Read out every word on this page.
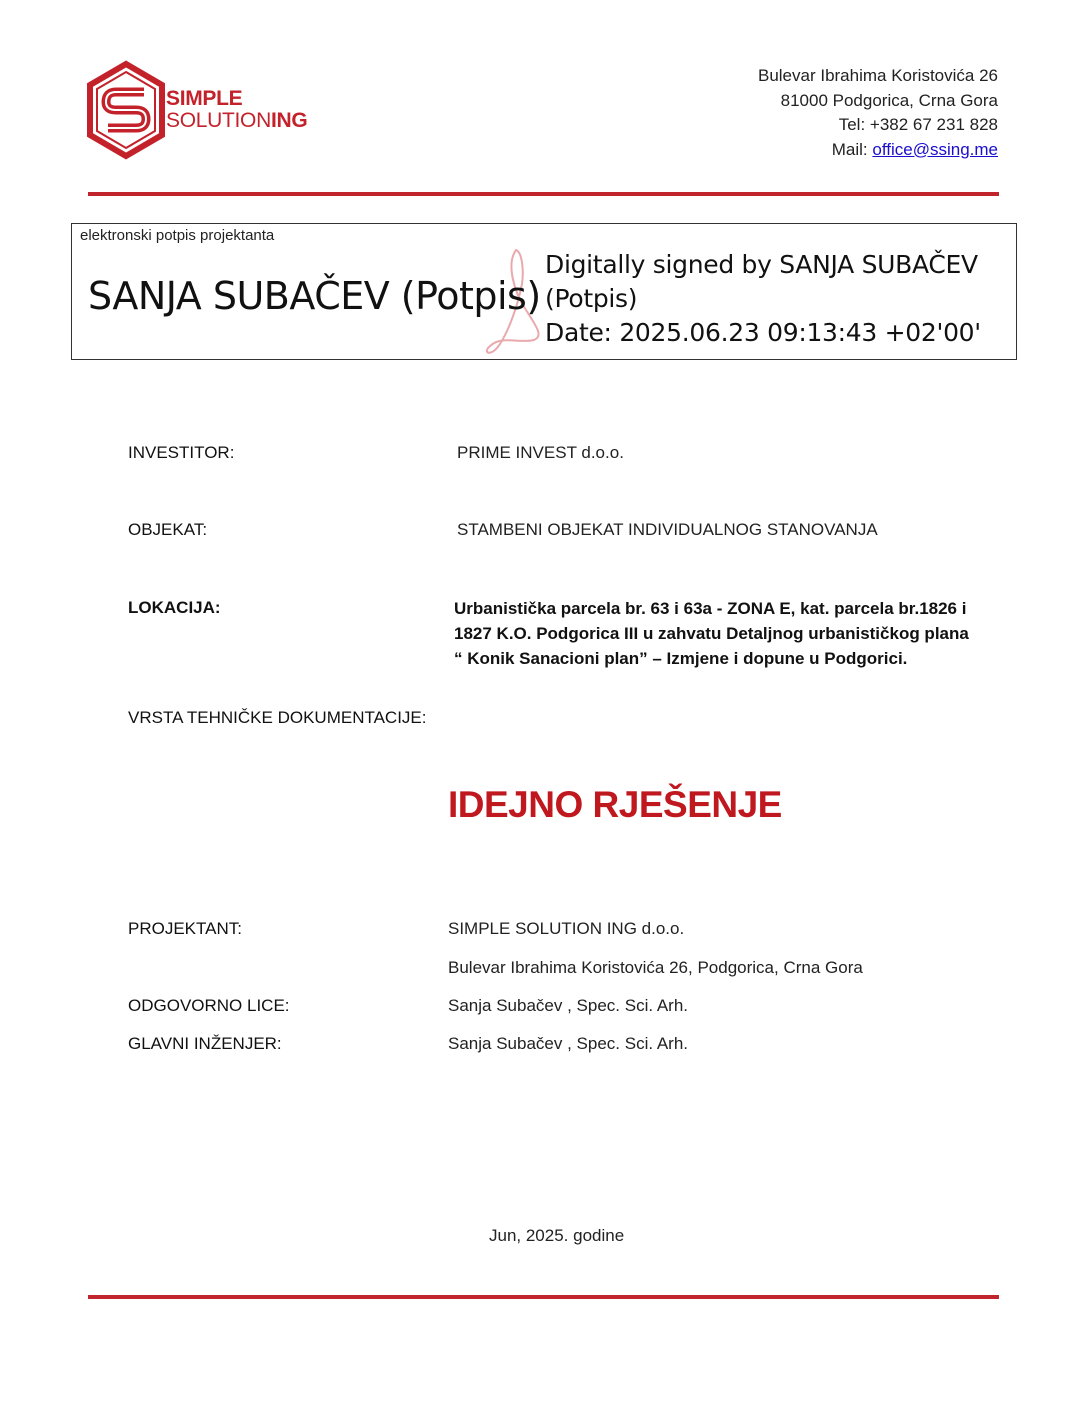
SIMPLE
SOLUTIONING
Bulevar Ibrahima Koristovića 26
81000 Podgorica, Crna Gora
Tel: +382 67 231 828
Mail: office@ssing.me
elektronski potpis projektanta
SANJA SUBAČEV (Potpis)
Digitally signed by SANJA SUBAČEV
(Potpis)
Date: 2025.06.23 09:13:43 +02'00'
INVESTITOR:	PRIME INVEST d.o.o.
OBJEKAT:	STAMBENI OBJEKAT INDIVIDUALNOG STANOVANJA
LOKACIJA:	Urbanistička parcela br. 63 i 63a - ZONA E, kat. parcela br.1826 i
1827 K.O. Podgorica III u zahvatu Detaljnog urbanističkog plana
“ Konik Sanacioni plan” – Izmjene i dopune u Podgorici.
VRSTA TEHNIČKE DOKUMENTACIJE:
IDEJNO RJEŠENJE
PROJEKTANT:	SIMPLE SOLUTION ING d.o.o.
Bulevar Ibrahima Koristovića 26, Podgorica, Crna Gora
ODGOVORNO LICE:	Sanja Subačev , Spec. Sci. Arh.
GLAVNI INŽENJER:	Sanja Subačev , Spec. Sci. Arh.
Jun, 2025. godine
